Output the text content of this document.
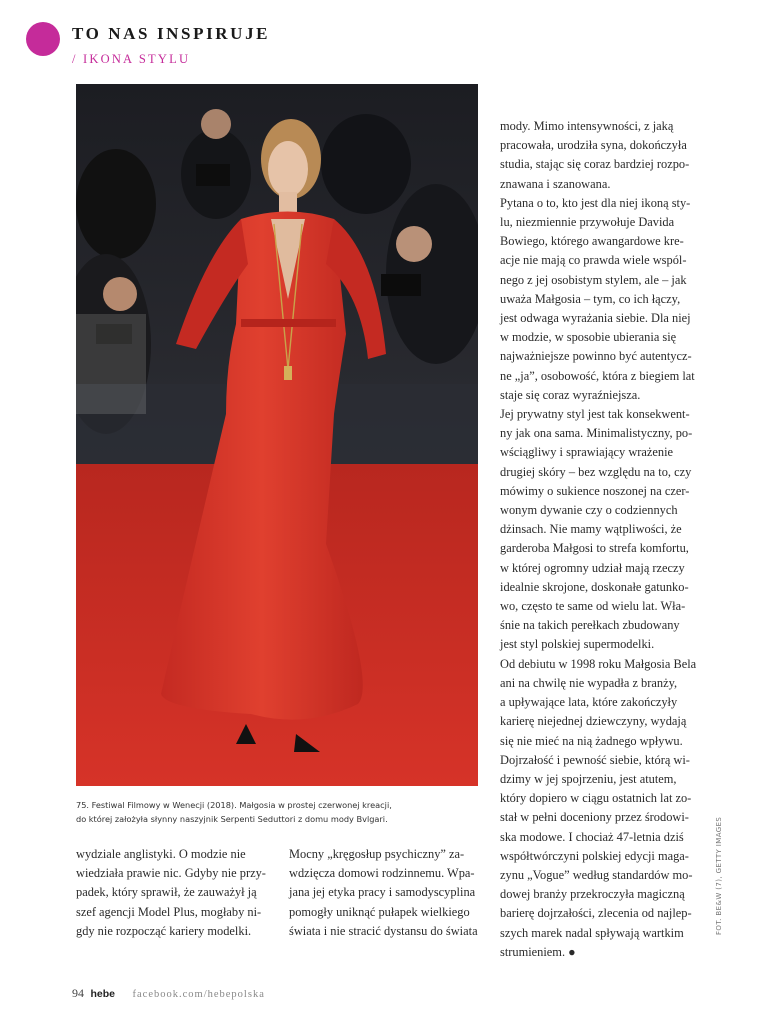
TO NAS INSPIRUJE
/ IKONA STYLU
75. Festiwal Filmowy w Wenecji (2018). Małgosia w prostej czerwonej kreacji,
do której założyła słynny naszyjnik Serpenti Seduttori z domu mody Bvlgari.
wydziale anglistyki. O modzie nie
wiedziała prawie nic. Gdyby nie przy-
padek, który sprawił, że zauważył ją
szef agencji Model Plus, mogłaby ni-
gdy nie rozpocząć kariery modelki.
Mocny „kręgosłup psychiczny” za-
wdzięcza domowi rodzinnemu. Wpa-
jana jej etyka pracy i samodyscyplina
pomogły uniknąć pułapek wielkiego
świata i nie stracić dystansu do świata
mody. Mimo intensywności, z jaką
pracowała, urodziła syna, dokończyła
studia, stając się coraz bardziej rozpo-
znawana i szanowana.
Pytana o to, kto jest dla niej ikoną sty-
lu, niezmiennie przywołuje Davida
Bowiego, którego awangardowe kre-
acje nie mają co prawda wiele wspól-
nego z jej osobistym stylem, ale – jak
uważa Małgosia – tym, co ich łączy,
jest odwaga wyrażania siebie. Dla niej
w modzie, w sposobie ubierania się
najważniejsze powinno być autentycz-
ne „ja”, osobowość, która z biegiem lat
staje się coraz wyraźniejsza.
Jej prywatny styl jest tak konsekwent-
ny jak ona sama. Minimalistyczny, po-
wściągliwy i sprawiający wrażenie
drugiej skóry – bez względu na to, czy
mówimy o sukience noszonej na czer-
wonym dywanie czy o codziennych
dżinsach. Nie mamy wątpliwości, że
garderoba Małgosi to strefa komfortu,
w której ogromny udział mają rzeczy
idealnie skrojone, doskonałe gatunko-
wo, często te same od wielu lat. Wła-
śnie na takich perełkach zbudowany
jest styl polskiej supermodelki.
Od debiutu w 1998 roku Małgosia Bela
ani na chwilę nie wypadła z branży,
a upływające lata, które zakończyły
karierę niejednej dziewczyny, wydają
się nie mieć na nią żadnego wpływu.
Dojrzałość i pewność siebie, którą wi-
dzimy w jej spojrzeniu, jest atutem,
który dopiero w ciągu ostatnich lat zo-
stał w pełni doceniony przez środowi-
ska modowe. I chociaż 47-letnia dziś
współtwórczyni polskiej edycji maga-
zynu „Vogue” według standardów mo-
dowej branży przekroczyła magiczną
barierę dojrzałości, zlecenia od najlep-
szych marek nadal spływają wartkim
strumieniem. ●
FOT. BE&W (7), GETTY IMAGES
94 hebe facebook.com/hebepolska
